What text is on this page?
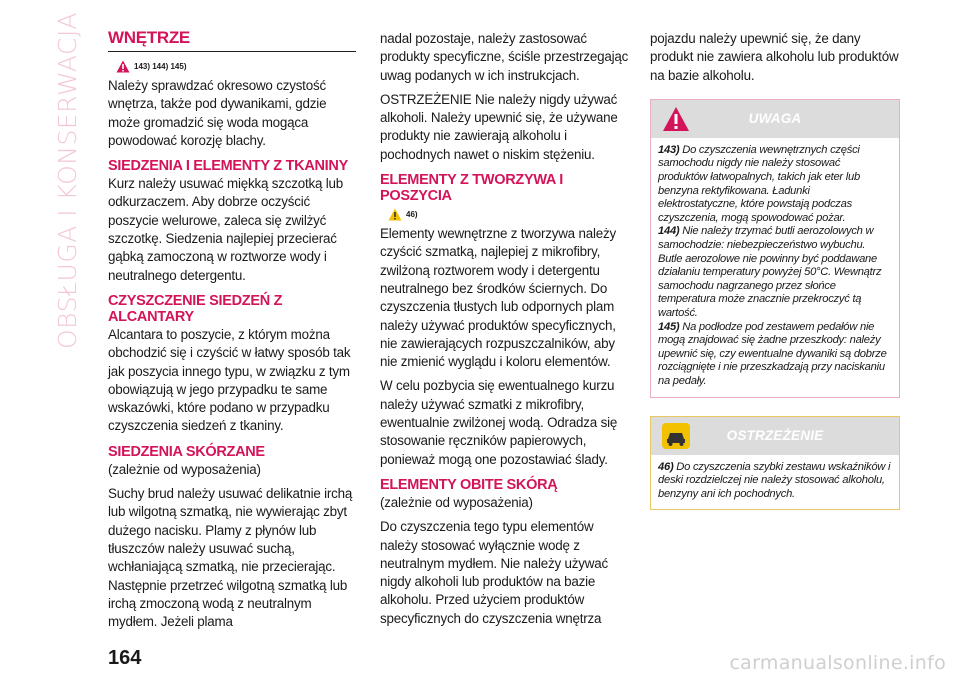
OBSŁUGA I KONSERWACJA WNĘTRZE
143) 144) 145)

Należy sprawdzać okresowo czystość wnętrza, także pod dywanikami, gdzie może gromadzić się woda mogąca powodować korozję blachy.

SIEDZENIA I ELEMENTY Z TKANINY

Kurz należy usuwać miękką szczotką lub odkurzaczem. Aby dobrze oczyścić poszycie welurowe, zaleca się zwilżyć szczotkę. Siedzenia najlepiej przecierać gąbką zamoczoną w roztworze wody i neutralnego detergentu.

CZYSZCZENIE SIEDZEŃ Z ALCANTARY

Alcantara to poszycie, z którym można obchodzić się i czyścić w łatwy sposób tak jak poszycia innego typu, w związku z tym obowiązują w jego przypadku te same wskazówki, które podano w przypadku czyszczenia siedzeń z tkaniny.

SIEDZENIA SKÓRZANE

(zależnie od wyposażenia)

Suchy brud należy usuwać delikatnie irchą lub wilgotną szmatką, nie wywierając zbyt dużego nacisku. Plamy z płynów lub tłuszczów należy usuwać suchą, wchłaniającą szmatką, nie przecierając. Następnie przetrzeć wilgotną szmatką lub irchą zmoczoną wodą z neutralnym mydłem. Jeżeli plama

nadal pozostaje, należy zastosować produkty specyficzne, ściśle przestrzegając uwag podanych w ich instrukcjach.

OSTRZEŻENIE Nie należy nigdy używać alkoholi. Należy upewnić się, że używane produkty nie zawierają alkoholu i pochodnych nawet o niskim stężeniu.

ELEMENTY Z TWORZYWA I POSZYCIA
46)

Elementy wewnętrzne z tworzywa należy czyścić szmatką, najlepiej z mikrofibry, zwilżoną roztworem wody i detergentu neutralnego bez środków ściernych. Do czyszczenia tłustych lub odpornych plam należy używać produktów specyficznych, nie zawierających rozpuszczalników, aby nie zmienić wyglądu i koloru elementów.

W celu pozbycia się ewentualnego kurzu należy używać szmatki z mikrofibry, ewentualnie zwilżonej wodą. Odradza się stosowanie ręczników papierowych, ponieważ mogą one pozostawiać ślady.

ELEMENTY OBITE SKÓRĄ

(zależnie od wyposażenia)

Do czyszczenia tego typu elementów należy stosować wyłącznie wodę z neutralnym mydłem. Nie należy używać nigdy alkoholi lub produktów na bazie alkoholu. Przed użyciem produktów specyficznych do czyszczenia wnętrza

pojazdu należy upewnić się, że dany produkt nie zawiera alkoholu lub produktów na bazie alkoholu.

UWAGA

143) Do czyszczenia wewnętrznych części samochodu nigdy nie należy stosować produktów łatwopalnych, takich jak eter lub benzyna rektyfikowana. Ładunki elektrostatyczne, które powstają podczas czyszczenia, mogą spowodować pożar.

144) Nie należy trzymać butli aerozolowych w samochodzie: niebezpieczeństwo wybuchu. Butle aerozolowe nie powinny być poddawane działaniu temperatury powyżej 50°C. Wewnątrz samochodu nagrzanego przez słońce temperatura może znacznie przekroczyć tą wartość.

145) Na podłodze pod zestawem pedałów nie mogą znajdować się żadne przeszkody: należy upewnić się, czy ewentualne dywaniki są dobrze rozciągnięte i nie przeszkadzają przy naciskaniu na pedały.

OSTRZEŻENIE

46) Do czyszczenia szybki zestawu wskaźników i deski rozdzielczej nie należy stosować alkoholu, benzyny ani ich pochodnych.

164	carmanualsonline.info
